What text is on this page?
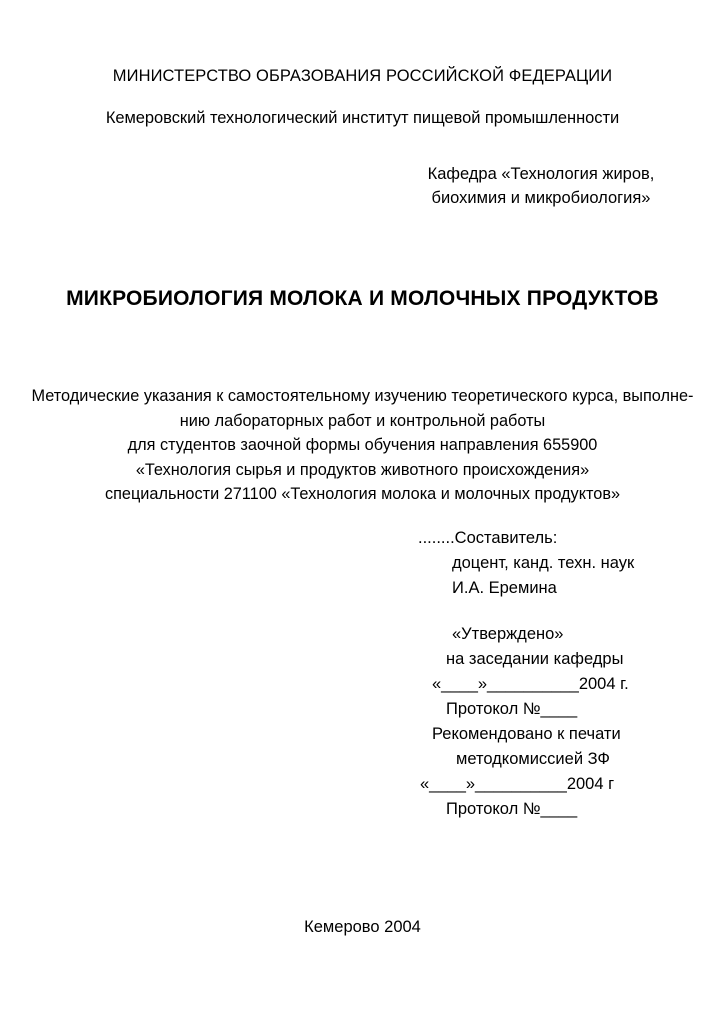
МИНИСТЕРСТВО ОБРАЗОВАНИЯ РОССИЙСКОЙ ФЕДЕРАЦИИ
Кемеровский технологический институт пищевой промышленности
Кафедра «Технология жиров, биохимия и микробиология»
МИКРОБИОЛОГИЯ МОЛОКА И МОЛОЧНЫХ ПРОДУКТОВ
Методические указания к самостоятельному изучению теоретического курса, выполне-
нию лабораторных работ и контрольной работы
для студентов заочной формы обучения направления 655900
«Технология сырья и продуктов животного происхождения»
специальности 271100 «Технология молока и молочных продуктов»
........Составитель:
доцент, канд. техн. наук
И.А. Еремина
«Утверждено»
на заседании кафедры
«____»__________2004 г.
Протокол №____
Рекомендовано к печати
методкомиссией ЗФ
«____»__________2004 г
Протокол №____
Кемерово 2004
